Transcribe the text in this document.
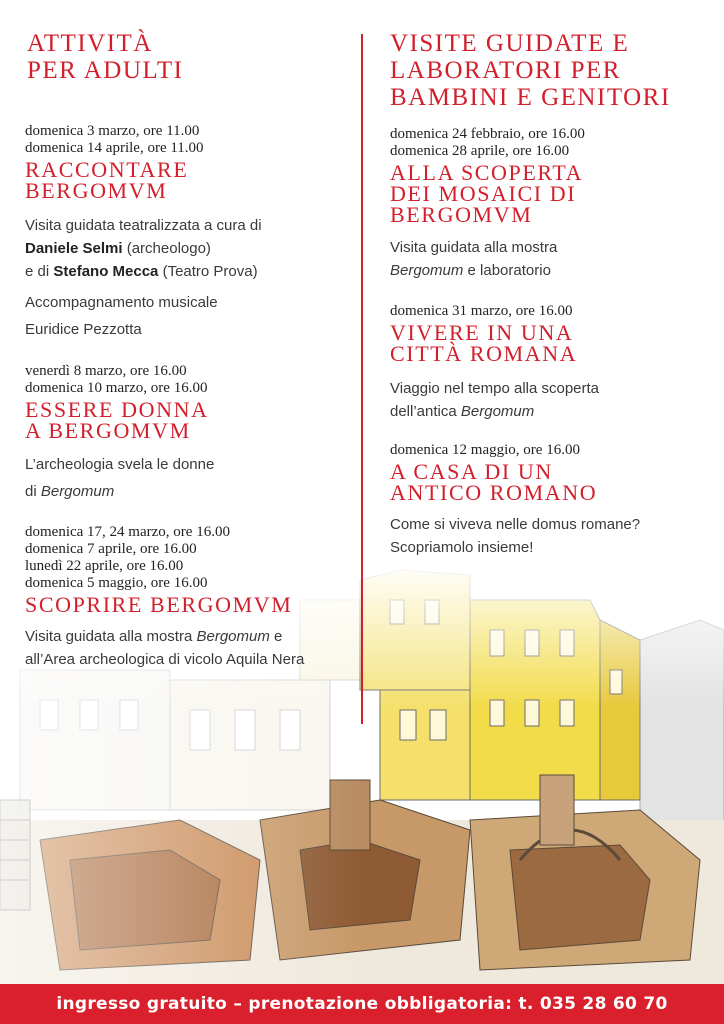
ATTIVITÀ
PER ADULTI
domenica 3 marzo, ore 11.00
domenica 14 aprile, ore 11.00
RACCONTARE
BERGOMVM
Visita guidata teatralizzata a cura di
Daniele Selmi (archeologo)
e di Stefano Mecca (Teatro Prova)
Accompagnamento musicale
Euridice Pezzotta
venerdì 8 marzo, ore 16.00
domenica 10 marzo, ore 16.00
ESSERE DONNA
A BERGOMVM
L’archeologia svela le donne
di Bergomum
domenica 17, 24 marzo, ore 16.00
domenica 7 aprile, ore 16.00
lunedì 22 aprile, ore 16.00
domenica 5 maggio, ore 16.00
SCOPRIRE BERGOMVM
Visita guidata alla mostra Bergomum e
all’Area archeologica di vicolo Aquila Nera
VISITE GUIDATE E
LABORATORI PER
BAMBINI E GENITORI
domenica 24 febbraio, ore 16.00
domenica 28 aprile, ore 16.00
ALLA SCOPERTA
DEI MOSAICI DI
BERGOMVM
Visita guidata alla mostra
Bergomum e laboratorio
domenica 31 marzo, ore 16.00
VIVERE IN UNA
CITTÀ ROMANA
Viaggio nel tempo alla scoperta
dell’antica Bergomum
domenica 12 maggio, ore 16.00
A CASA DI UN
ANTICO ROMANO
Come si viveva nelle domus romane?
Scopriamolo insieme!
ingresso gratuito – prenotazione obbligatoria: t. 035 28 60 70
